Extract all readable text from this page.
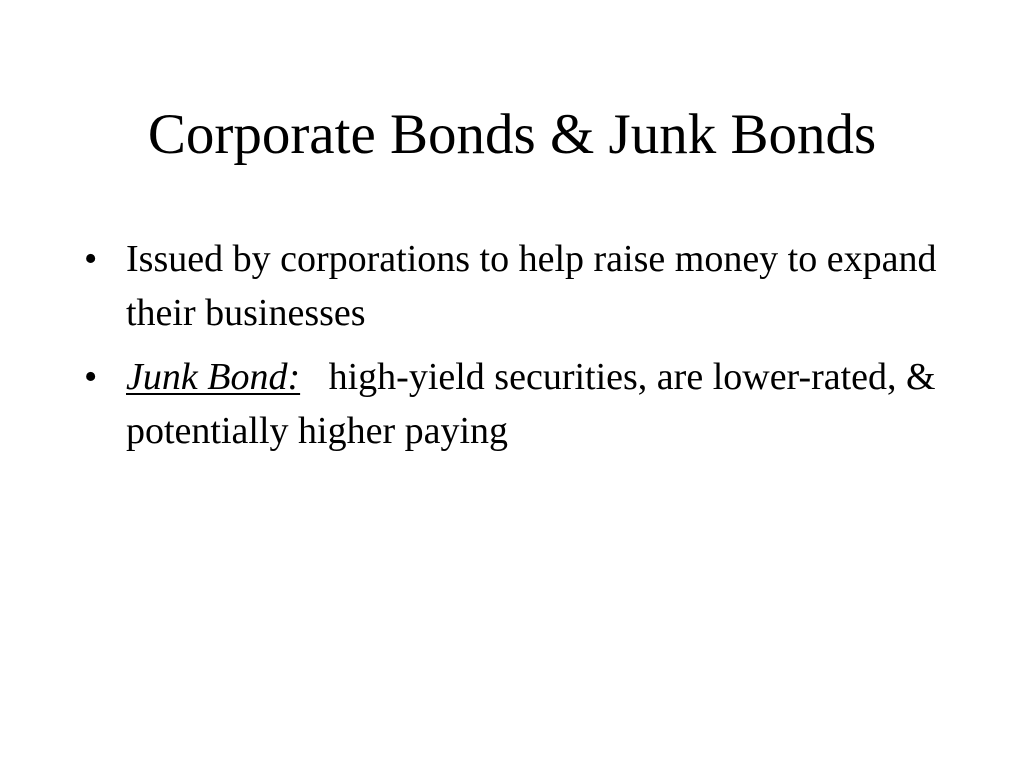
Corporate Bonds & Junk Bonds
• Issued by corporations to help raise money to expand their businesses
• Junk Bond: high-yield securities, are lower-rated, & potentially higher paying
